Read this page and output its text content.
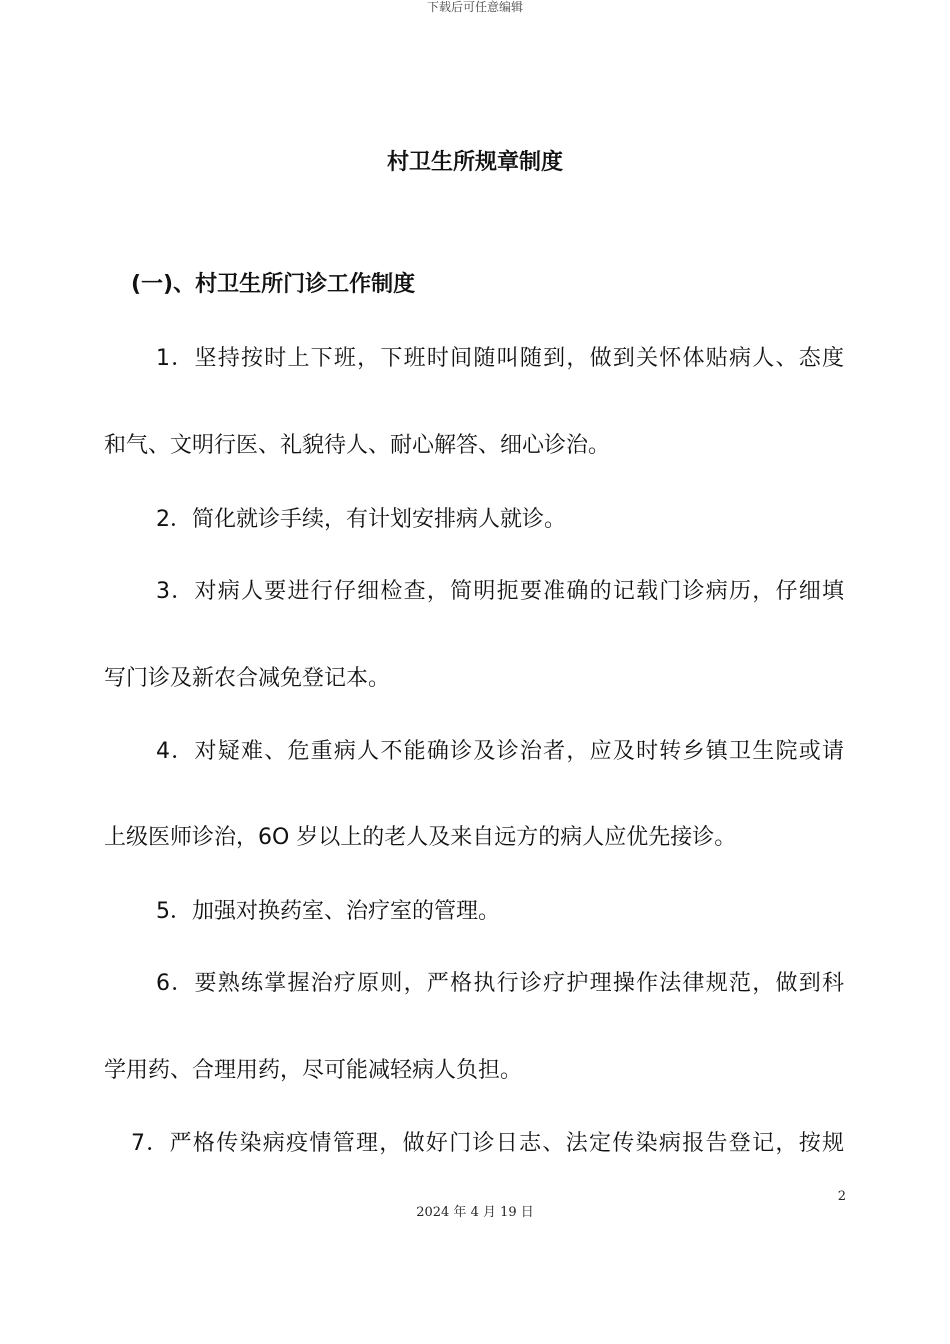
下载后可任意编辑
村卫生所规章制度
(一)、村卫生所门诊工作制度
1．坚持按时上下班，下班时间随叫随到，做到关怀体贴病人、态度
和气、文明行医、礼貌待人、耐心解答、细心诊治。
2．简化就诊手续，有计划安排病人就诊。
3．对病人要进行仔细检查，简明扼要准确的记载门诊病历，仔细填
写门诊及新农合减免登记本。
4．对疑难、危重病人不能确诊及诊治者，应及时转乡镇卫生院或请
上级医师诊治，6O 岁以上的老人及来自远方的病人应优先接诊。
5．加强对换药室、治疗室的管理。
6．要熟练掌握治疗原则，严格执行诊疗护理操作法律规范，做到科
学用药、合理用药，尽可能减轻病人负担。
7．严格传染病疫情管理，做好门诊日志、法定传染病报告登记，按规
2
2024 年 4 月 19 日
